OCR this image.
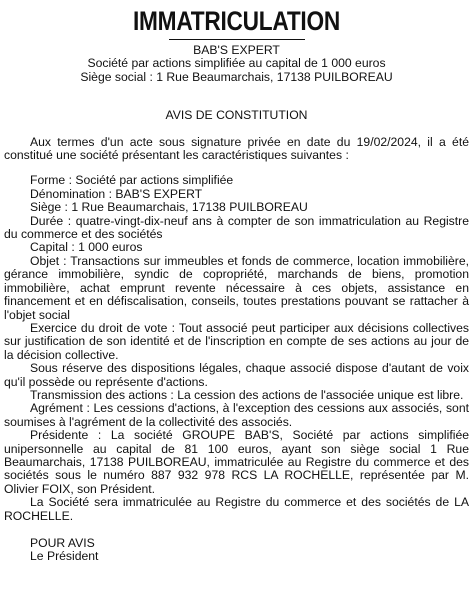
IMMATRICULATION
BAB'S EXPERT
Société par actions simplifiée au capital de 1 000 euros
Siège social : 1 Rue Beaumarchais, 17138 PUILBOREAU
AVIS DE CONSTITUTION

Aux termes d'un acte sous signature privée en date du 19/02/2024, il a été constitué une société présentant les caractéristiques suivantes :

Forme : Société par actions simplifiée

Dénomination : BAB'S EXPERT

Siège : 1 Rue Beaumarchais, 17138 PUILBOREAU

Durée : quatre-vingt-dix-neuf ans à compter de son immatriculation au Registre du commerce et des sociétés

Capital : 1 000 euros

Objet : Transactions sur immeubles et fonds de commerce, location immobilière, gérance immobilière, syndic de copropriété, marchands de biens, promotion immobilière, achat emprunt revente nécessaire à ces objets, assistance en financement et en défiscalisation, conseils, toutes prestations pouvant se rattacher à l'objet social

Exercice du droit de vote : Tout associé peut participer aux décisions collectives sur justification de son identité et de l'inscription en compte de ses actions au jour de la décision collective.

Sous réserve des dispositions légales, chaque associé dispose d'autant de voix qu'il possède ou représente d'actions.

Transmission des actions : La cession des actions de l'associée unique est libre.

Agrément : Les cessions d'actions, à l'exception des cessions aux associés, sont soumises à l'agrément de la collectivité des associés.

Présidente : La société GROUPE BAB'S, Société par actions simplifiée unipersonnelle au capital de 81 100 euros, ayant son siège social 1 Rue Beaumarchais, 17138 PUILBOREAU, immatriculée au Registre du commerce et des sociétés sous le numéro 887 932 978 RCS LA ROCHELLE, représentée par M. Olivier FOIX, son Président.

La Société sera immatriculée au Registre du commerce et des sociétés de LA ROCHELLE.

POUR AVIS
Le Président
